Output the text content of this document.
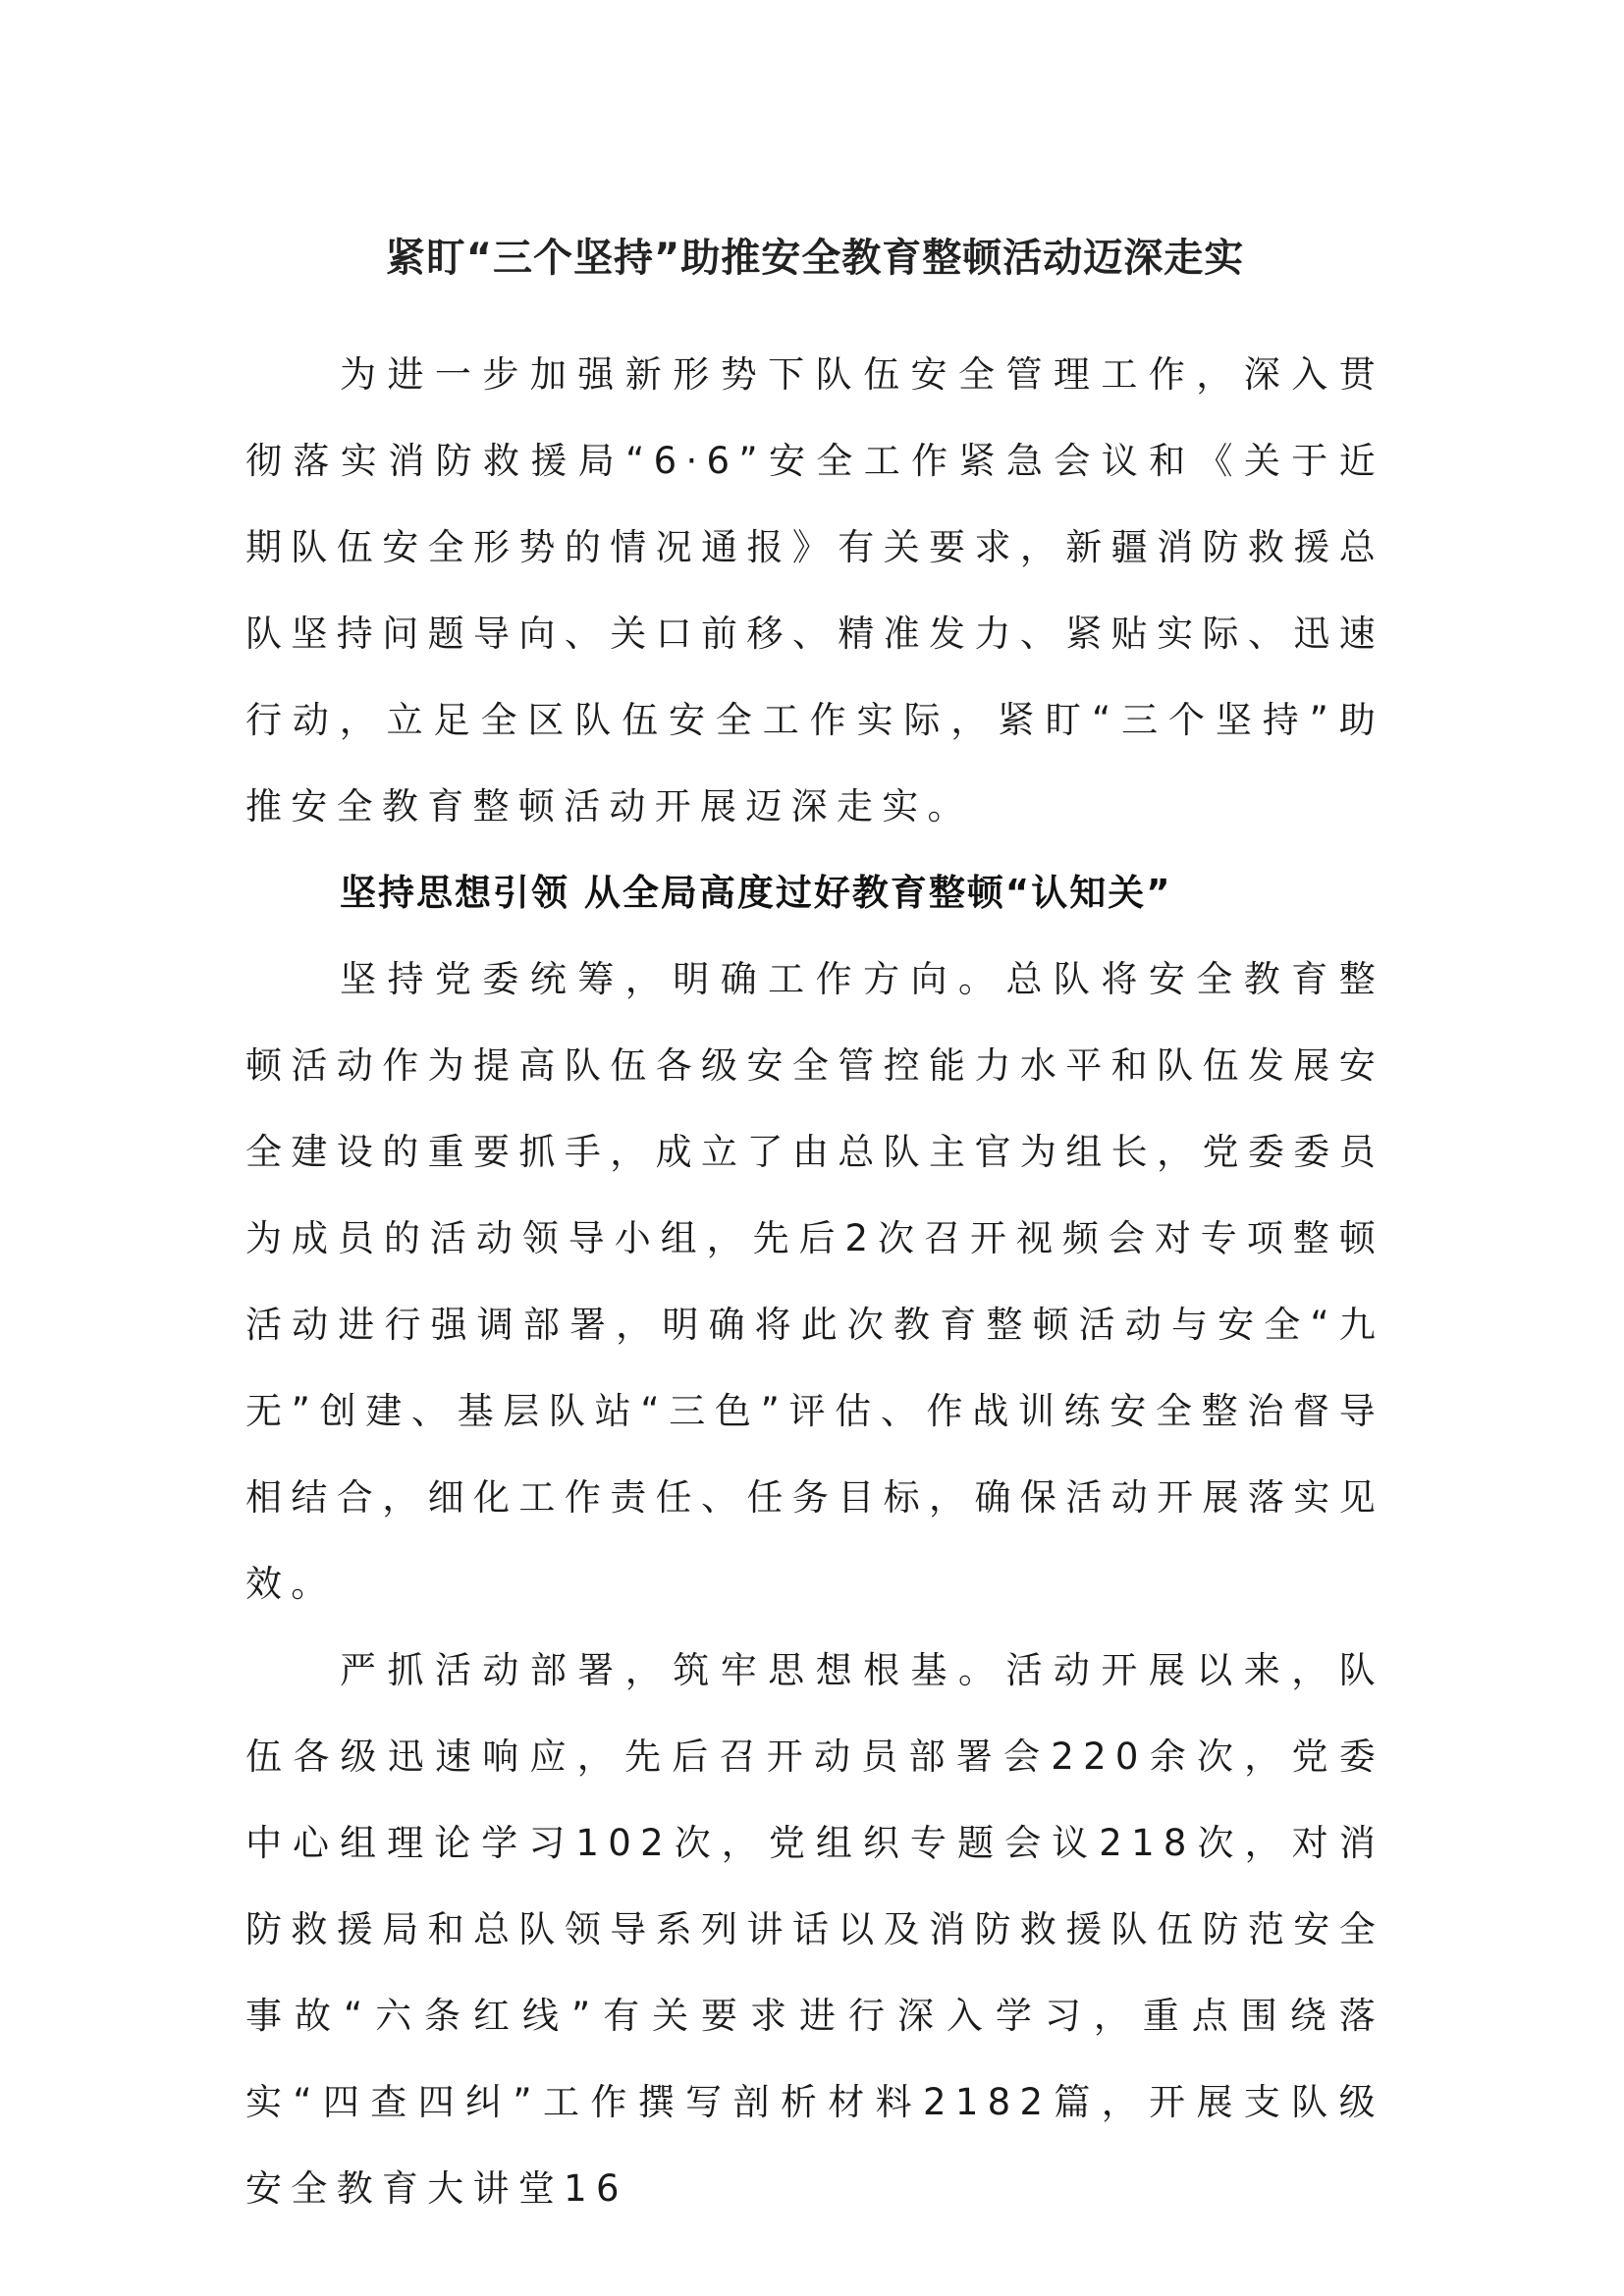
紧盯“三个坚持”助推安全教育整顿活动迈深走实

为进一步加强新形势下队伍安全管理工作，深入贯彻落实消防救援局“6·6”安全工作紧急会议和《关于近期队伍安全形势的情况通报》有关要求，新疆消防救援总队坚持问题导向、关口前移、精准发力、紧贴实际、迅速行动，立足全区队伍安全工作实际，紧盯“三个坚持”助推安全教育整顿活动开展迈深走实。

坚持思想引领 从全局高度过好教育整顿“认知关”

坚持党委统筹，明确工作方向。总队将安全教育整顿活动作为提高队伍各级安全管控能力水平和队伍发展安全建设的重要抓手，成立了由总队主官为组长，党委委员为成员的活动领导小组，先后2次召开视频会对专项整顿活动进行强调部署，明确将此次教育整顿活动与安全“九无”创建、基层队站“三色”评估、作战训练安全整治督导相结合，细化工作责任、任务目标，确保活动开展落实见效。

严抓活动部署，筑牢思想根基。活动开展以来，队伍各级迅速响应，先后召开动员部署会220余次，党委中心组理论学习102次，党组织专题会议218次，对消防救援局和总队领导系列讲话以及消防救援队伍防范安全事故“六条红线”有关要求进行深入学习，重点围绕落实“四查四纠”工作撰写剖析材料2182篇，开展支队级安全教育大讲堂16
